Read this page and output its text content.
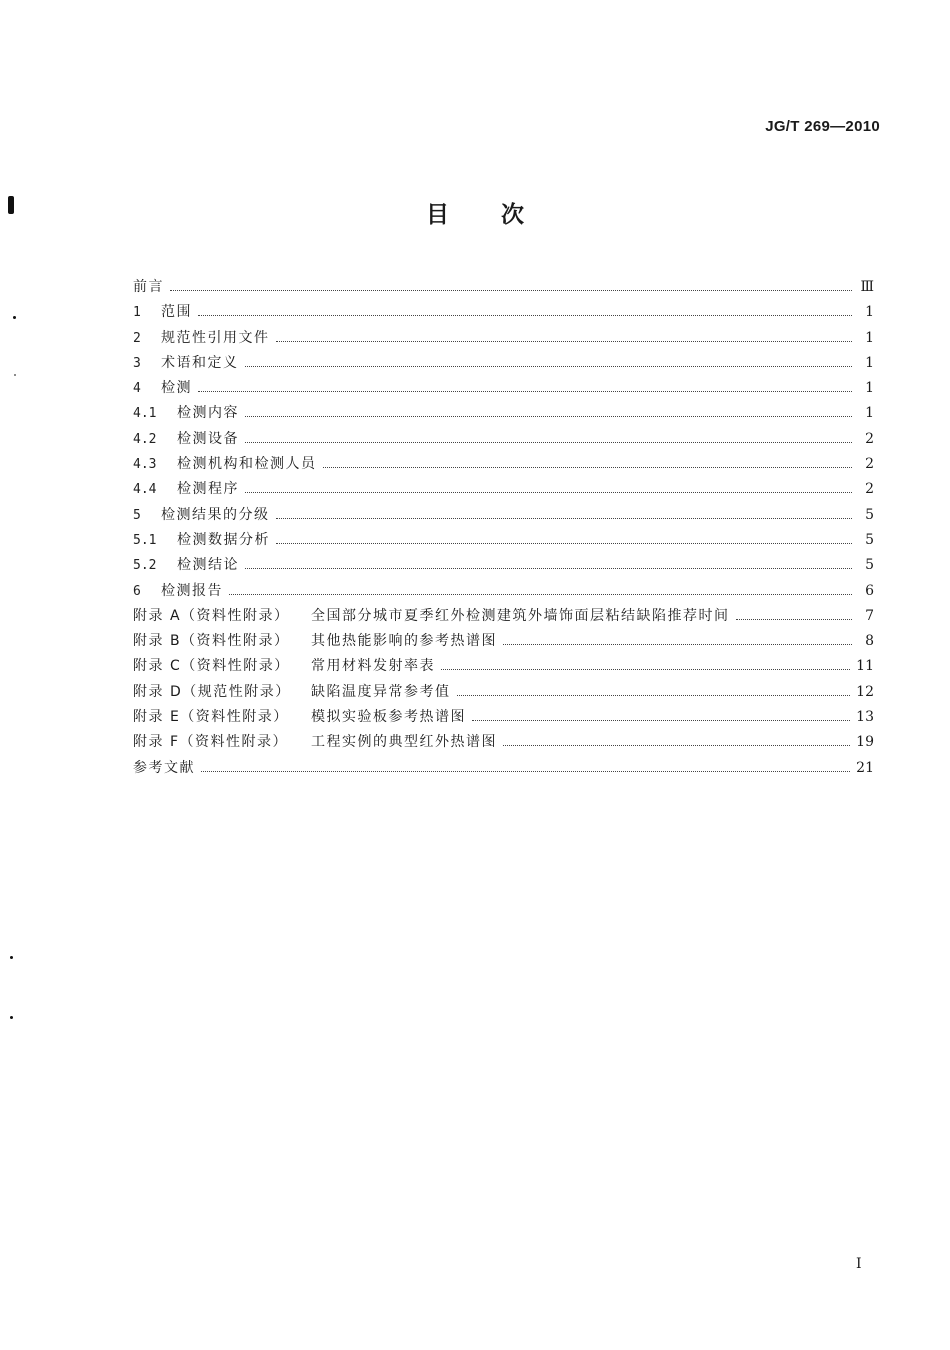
JG/T 269—2010
目 次
前言	Ⅲ
1	范围	1
2	规范性引用文件	1
3	术语和定义	1
4	检测	1
4.1	检测内容	1
4.2	检测设备	2
4.3	检测机构和检测人员	2
4.4	检测程序	2
5	检测结果的分级	5
5.1	检测数据分析	5
5.2	检测结论	5
6	检测报告	6
附录 A（资料性附录）	全国部分城市夏季红外检测建筑外墙饰面层粘结缺陷推荐时间	7
附录 B（资料性附录）	其他热能影响的参考热谱图	8
附录 C（资料性附录）	常用材料发射率表	11
附录 D（规范性附录）	缺陷温度异常参考值	12
附录 E（资料性附录）	模拟实验板参考热谱图	13
附录 F（资料性附录）	工程实例的典型红外热谱图	19
参考文献	21
I
